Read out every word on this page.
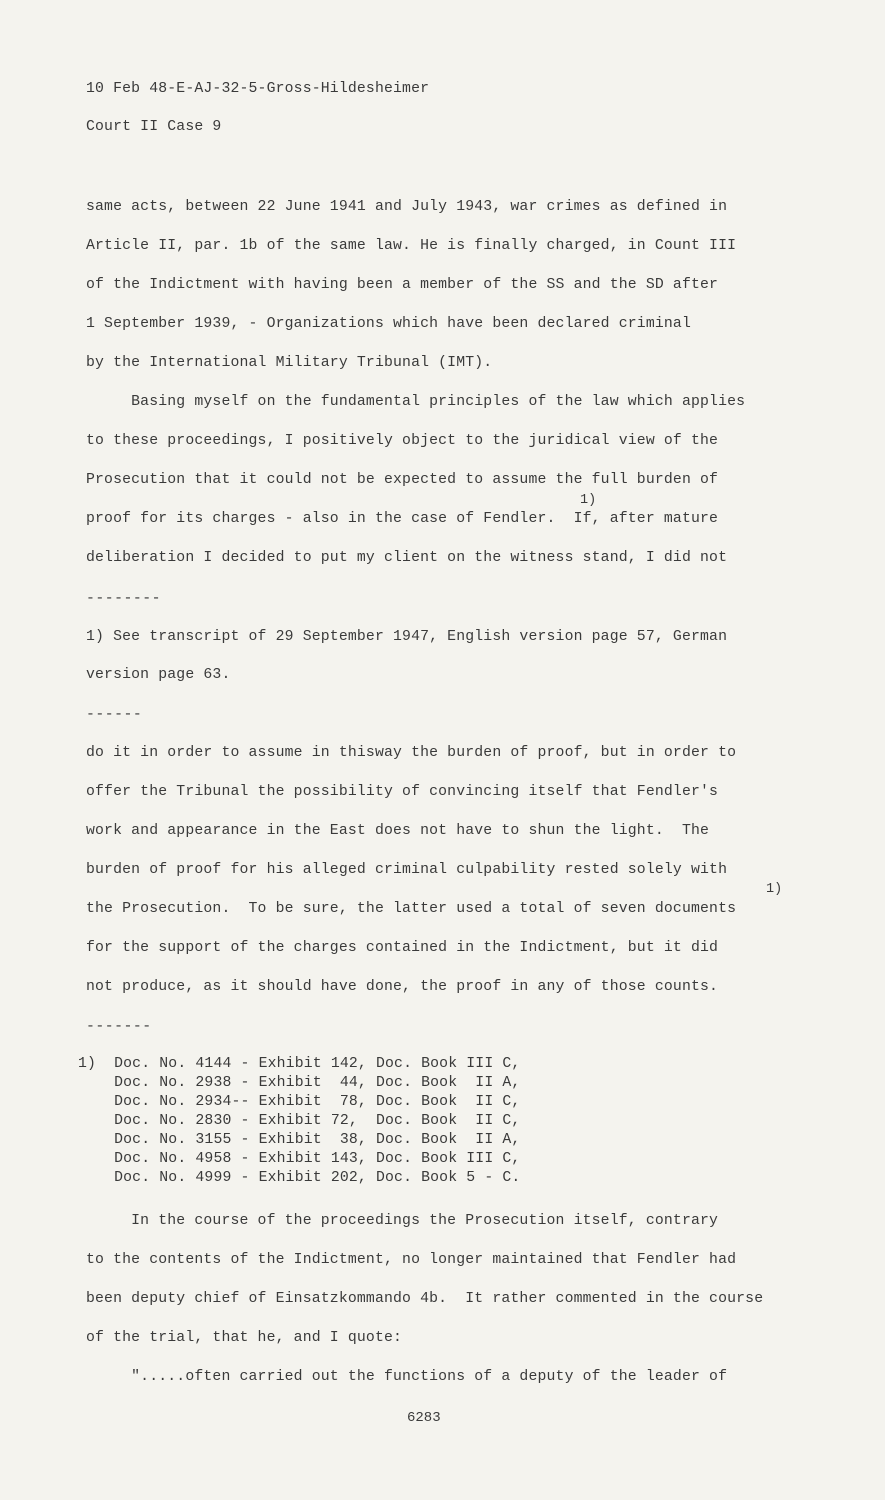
10 Feb 48-E-AJ-32-5-Gross-Hildesheimer
Court II Case 9
same acts, between 22 June 1941 and July 1943, war crimes as defined in
Article II, par. 1b of the same law. He is finally charged, in Count III
of the Indictment with having been a member of the SS and the SD after
1 September 1939, - Organizations which have been declared criminal
by the International Military Tribunal (IMT).
Basing myself on the fundamental principles of the law which applies
to these proceedings, I positively object to the juridical view of the
Prosecution that it could not be expected to assume the full burden of
1)
proof for its charges - also in the case of Fendler.  If, after mature
deliberation I decided to put my client on the witness stand, I did not
--------
1) See transcript of 29 September 1947, English version page 57, German
version page 63.
------
do it in order to assume in thisway the burden of proof, but in order to
offer the Tribunal the possibility of convincing itself that Fendler's
work and appearance in the East does not have to shun the light.  The
burden of proof for his alleged criminal culpability rested solely with
1)
the Prosecution.  To be sure, the latter used a total of seven documents
for the support of the charges contained in the Indictment, but it did
not produce, as it should have done, the proof in any of those counts.
-------
1)  Doc. No. 4144 - Exhibit 142, Doc. Book III C,
Doc. No. 2938 - Exhibit  44, Doc. Book  II A,
Doc. No. 2934-- Exhibit  78, Doc. Book  II C,
Doc. No. 2830 - Exhibit 72,  Doc. Book  II C,
Doc. No. 3155 - Exhibit  38, Doc. Book  II A,
Doc. No. 4958 - Exhibit 143, Doc. Book III C,
Doc. No. 4999 - Exhibit 202, Doc. Book 5 - C.
In the course of the proceedings the Prosecution itself, contrary
to the contents of the Indictment, no longer maintained that Fendler had
been deputy chief of Einsatzkommando 4b.  It rather commented in the course
of the trial, that he, and I quote:
".....often carried out the functions of a deputy of the leader of
6283
